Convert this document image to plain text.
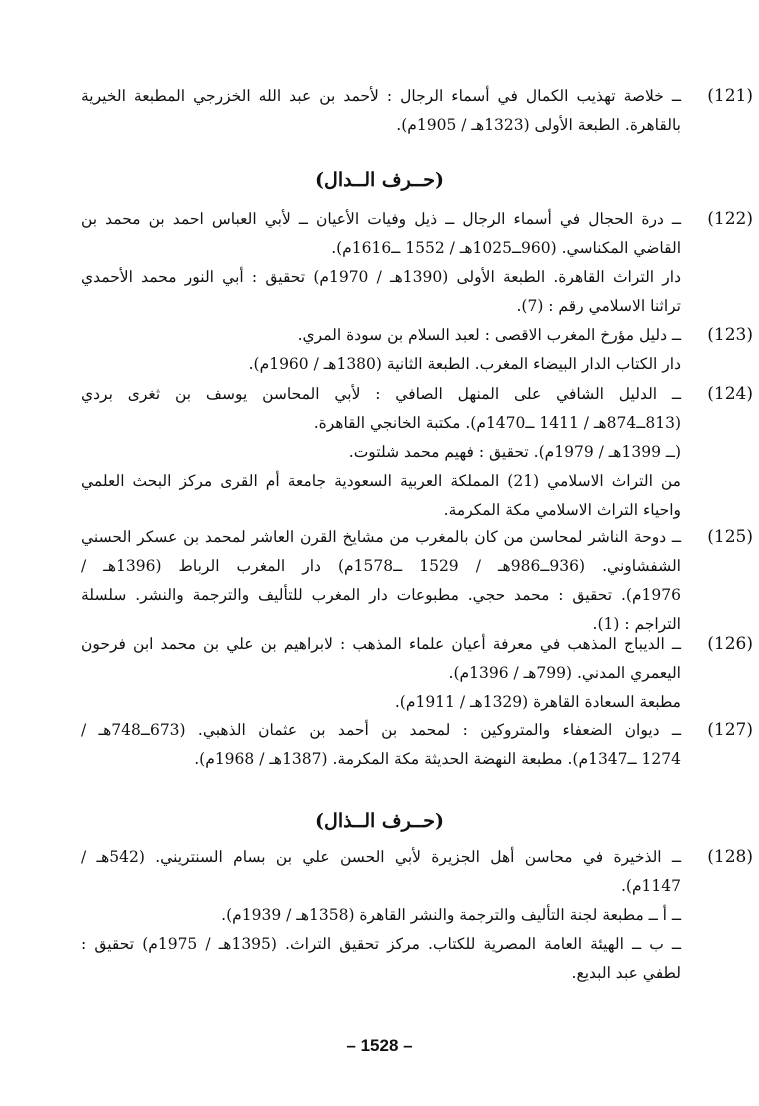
(121)
ــ خلاصة تهذيب الكمال في أسماء الرجال : لأحمد بن عبد الله الخزرجي المطبعة الخيرية
بالقاهرة. الطبعة الأولى (1323هـ / 1905م).
(حــرف الــدال)
(122)
ــ درة الحجال في أسماء الرجال ــ ذيل وفيات الأعيان ــ لأبي العباس احمد بن محمد بن
القاضي المكناسي. (960ــ1025هـ / 1552 ــ1616م).
دار التراث القاهرة. الطبعة الأولى (1390هـ / 1970م) تحقيق : أبي النور محمد الأحمدي
تراثنا الاسلامي رقم : (7).
(123)
ــ دليل مؤرخ المغرب الاقصى : لعبد السلام بن سودة المري.
دار الكتاب الدار البيضاء المغرب. الطبعة الثانية (1380هـ / 1960م).
(124)
ــ الدليل الشافي على المنهل الصافي : لأبي المحاسن يوسف بن ثغرى بردي
(813ــ874هـ / 1411 ــ1470م). مكتبة الخانجي القاهرة.
(ــ 1399هـ / 1979م). تحقيق : فهيم محمد شلتوت.
من التراث الاسلامي (21) المملكة العربية السعودية جامعة أم القرى مركز البحث العلمي
واحياء التراث الاسلامي مكة المكرمة.
(125)
ــ دوحة الناشر لمحاسن من كان بالمغرب من مشايخ القرن العاشر لمحمد بن عسكر الحسني
الشفشاوني. (936ــ986هـ / 1529 ــ1578م) دار المغرب الرباط (1396هـ /
1976م). تحقيق : محمد حجي. مطبوعات دار المغرب للتأليف والترجمة والنشر. سلسلة
التراجم : (1).
(126)
ــ الديباج المذهب في معرفة أعيان علماء المذهب : لابراهيم بن علي بن محمد ابن فرحون
اليعمري المدني. (799هـ / 1396م).
مطبعة السعادة القاهرة (1329هـ / 1911م).
(127)
ــ ديوان الضعفاء والمتروكين : لمحمد بن أحمد بن عثمان الذهبي. (673ــ748هـ /
1274 ــ1347م). مطبعة النهضة الحديثة مكة المكرمة. (1387هـ / 1968م).
(حــرف الــذال)
(128)
ــ الذخيرة في محاسن أهل الجزيرة لأبي الحسن علي بن بسام السنتريني. (542هـ /
1147م).
ــ أ ــ مطبعة لجنة التأليف والترجمة والنشر القاهرة (1358هـ / 1939م).
ــ ب ــ الهيئة العامة المصرية للكتاب. مركز تحقيق التراث. (1395هـ / 1975م) تحقيق :
لطفي عبد البديع.
– 1528 –
